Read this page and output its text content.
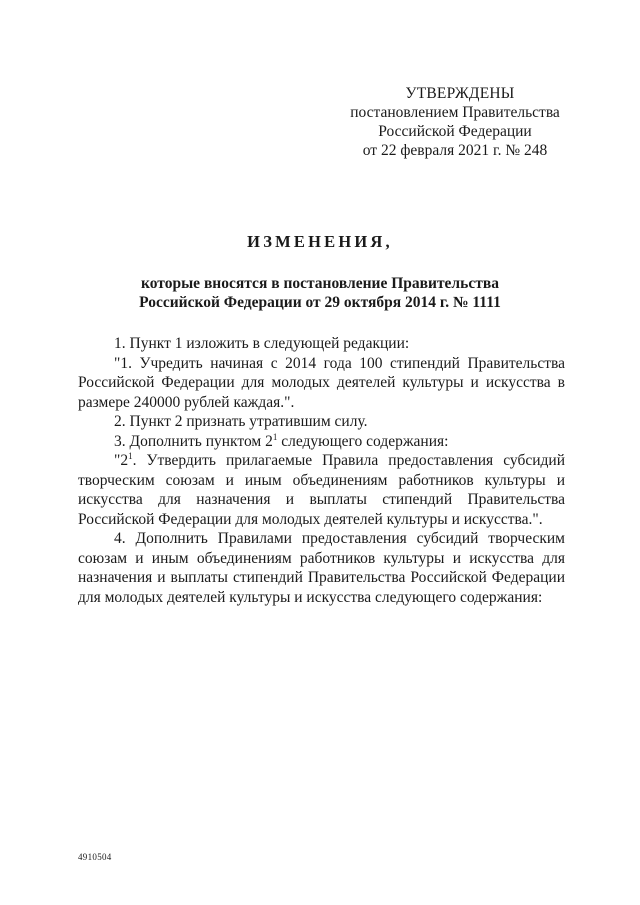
УТВЕРЖДЕНЫ
постановлением Правительства
Российской Федерации
от 22 февраля 2021 г. № 248
ИЗМЕНЕНИЯ,
которые вносятся в постановление Правительства
Российской Федерации от 29 октября 2014 г. № 1111

1. Пункт 1 изложить в следующей редакции:

"1. Учредить начиная с 2014 года 100 стипендий Правительства Российской Федерации для молодых деятелей культуры и искусства в размере 240000 рублей каждая.".

2. Пункт 2 признать утратившим силу.

3. Дополнить пунктом $2^1$ следующего содержания:

"$2^1$. Утвердить прилагаемые Правила предоставления субсидий творческим союзам и иным объединениям работников культуры и искусства для назначения и выплаты стипендий Правительства Российской Федерации для молодых деятелей культуры и искусства.".

4. Дополнить Правилами предоставления субсидий творческим союзам и иным объединениям работников культуры и искусства для назначения и выплаты стипендий Правительства Российской Федерации для молодых деятелей культуры и искусства следующего содержания:

4910504
